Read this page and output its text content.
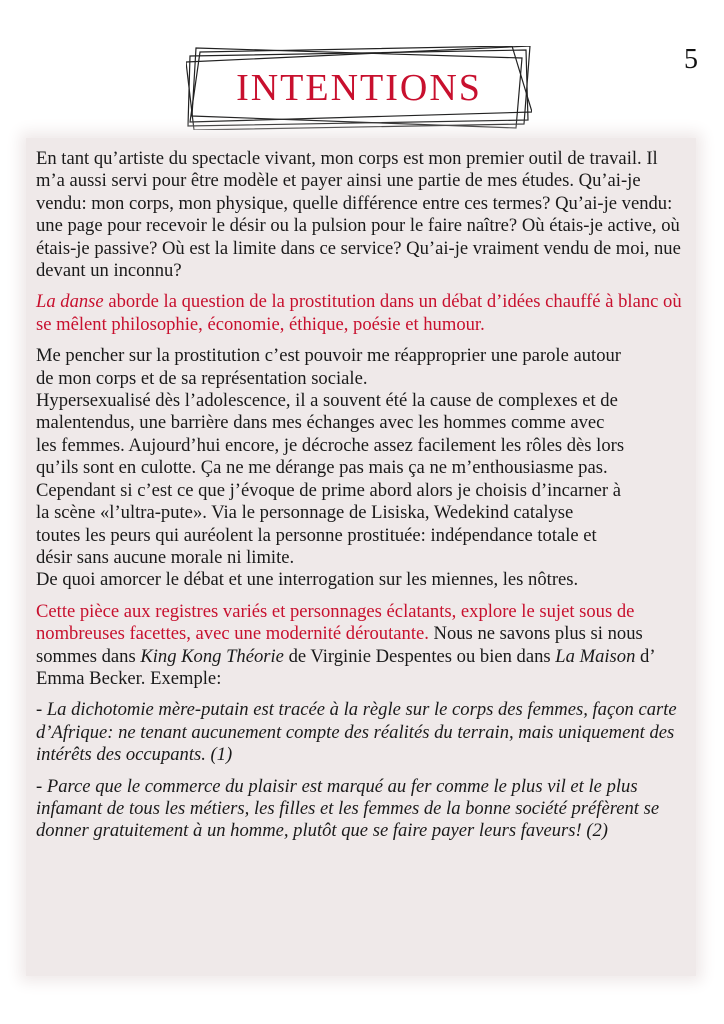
5
INTENTIONS

En tant qu’artiste du spectacle vivant, mon corps est mon premier outil de travail. Il m’a aussi servi pour être modèle et payer ainsi une partie de mes études. Qu’ai-je vendu: mon corps, mon physique, quelle différence entre ces termes? Qu’ai-je vendu: une page pour recevoir le désir ou la pulsion pour le faire naître? Où étais-je active, où étais-je passive? Où est la limite dans ce service? Qu’ai-je vraiment vendu de moi, nue devant un inconnu?

La danse aborde la question de la prostitution dans un débat d’idées chauffé à blanc où se mêlent philosophie, économie, éthique, poésie et humour.

Me pencher sur la prostitution c’est pouvoir me réapproprier une parole autour
de mon corps et de sa représentation sociale.
Hypersexualisé dès l’adolescence, il a souvent été la cause de complexes et de
malentendus, une barrière dans mes échanges avec les hommes comme avec
les femmes. Aujourd’hui encore, je décroche assez facilement les rôles dès lors
qu’ils sont en culotte. Ça ne me dérange pas mais ça ne m’enthousiasme pas.
Cependant si c’est ce que j’évoque de prime abord alors je choisis d’incarner à
la scène «l’ultra-pute». Via le personnage de Lisiska, Wedekind catalyse
toutes les peurs qui auréolent la personne prostituée: indépendance totale et
désir sans aucune morale ni limite.
De quoi amorcer le débat et une interrogation sur les miennes, les nôtres.

Cette pièce aux registres variés et personnages éclatants, explore le sujet sous de nombreuses facettes, avec une modernité déroutante. Nous ne savons plus si nous sommes dans King Kong Théorie de Virginie Despentes ou bien dans La Maison d’ Emma Becker. Exemple:

- La dichotomie mère-putain est tracée à la règle sur le corps des femmes, façon carte d’Afrique: ne tenant aucunement compte des réalités du terrain, mais uniquement des intérêts des occupants. (1)

- Parce que le commerce du plaisir est marqué au fer comme le plus vil et le plus infamant de tous les métiers, les filles et les femmes de la bonne société préfèrent se donner gratuitement à un homme, plutôt que se faire payer leurs faveurs! (2)
